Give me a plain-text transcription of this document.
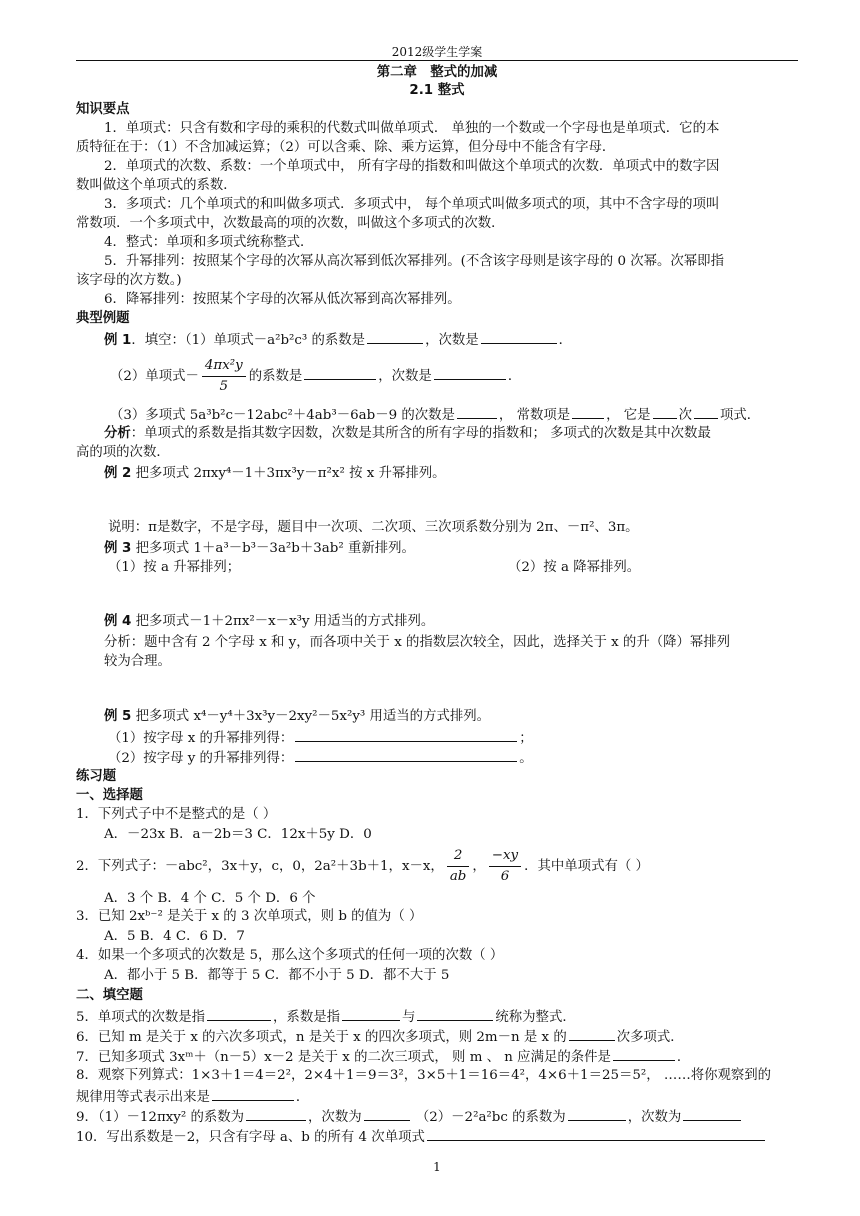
2012级学生学案
第二章　整式的加减
2.1 整式
知识要点
1．单项式：只含有数和字母的乘积的代数式叫做单项式． 单独的一个数或一个字母也是单项式．它的本
质特征在于：（1）不含加减运算；（2）可以含乘、除、乘方运算，但分母中不能含有字母．
2．单项式的次数、系数：一个单项式中， 所有字母的指数和叫做这个单项式的次数．单项式中的数字因
数叫做这个单项式的系数．
3．多项式：几个单项式的和叫做多项式．多项式中， 每个单项式叫做多项式的项，其中不含字母的项叫
常数项．一个多项式中，次数最高的项的次数，叫做这个多项式的次数．
4．整式：单项和多项式统称整式．
5．升幂排列：按照某个字母的次幂从高次幂到低次幂排列。(不含该字母则是该字母的 0 次幂。次幂即指
该字母的次方数。)
6．降幂排列：按照某个字母的次幂从低次幂到高次幂排列。
典型例题
例 1．填空：（1）单项式－a²b²c³ 的系数是	，次数是	．
（2）单项式－ $\frac{\text{4πx²y}}{5}$ 的系数是	，次数是	．
（3）多项式 5a³b²c－12abc²＋4ab³－6ab－9 的次数是	， 常数项是	， 它是 次 项式．
分析：单项式的系数是指其数字因数，次数是其所含的所有字母的指数和； 多项式的次数是其中次数最
高的项的次数．
例 2 把多项式 2πxy⁴－1＋3πx³y－π²x² 按 x 升幂排列。
说明：π是数字，不是字母，题目中一次项、二次项、三次项系数分别为 2π、－π²、3π。
例 3 把多项式 1＋a³－b³－3a²b＋3ab² 重新排列。
（1）按 a 升幂排列；	（2）按 a 降幂排列。
例 4 把多项式－1＋2πx²－x－x³y 用适当的方式排列。
分析：题中含有 2 个字母 x 和 y，而各项中关于 x 的指数层次较全，因此，选择关于 x 的升（降）幂排列
较为合理。
例 5 把多项式 x⁴－y⁴＋3x³y－2xy²－5x²y³ 用适当的方式排列。
（1）按字母 x 的升幂排列得：	；
（2）按字母 y 的升幂排列得：	。
练习题
一、选择题
1．下列式子中不是整式的是（ ）
A．－23x B．a－2b＝3 C．12x＋5y D．0
2．下列式子：－abc²，3x＋y，c，0，2a²＋3b＋1，x－x， $\frac{2}{ab}$ ， $\frac{-xy}{6}$ ．其中单项式有（ ）
A．3 个 B．4 个 C．5 个 D．6 个
3．已知 2xᵇ⁻² 是关于 x 的 3 次单项式，则 b 的值为（ ）
A．5 B．4 C．6 D．7
4．如果一个多项式的次数是 5，那么这个多项式的任何一项的次数（ ）
A．都小于 5 B．都等于 5 C．都不小于 5 D．都不大于 5
二、填空题
5．单项式的次数是指	，系数是指	与	统称为整式．
6．已知 m 是关于 x 的六次多项式，n 是关于 x 的四次多项式，则 2m－n 是 x 的	次多项式．
7．已知多项式 3xᵐ＋（n－5）x－2 是关于 x 的二次三项式， 则 m 、 n 应满足的条件是	．
8．观察下列算式：1×3＋1＝4＝2²，2×4＋1＝9＝3²，3×5＋1＝16＝4²，4×6＋1＝25＝5²， ……将你观察到的
规律用等式表示出来是	．
9．（1）－12πxy² 的系数为	，次数为	（2）－2²a²bc 的系数为	，次数为
10．写出系数是－2，只含有字母 a、b 的所有 4 次单项式
1
